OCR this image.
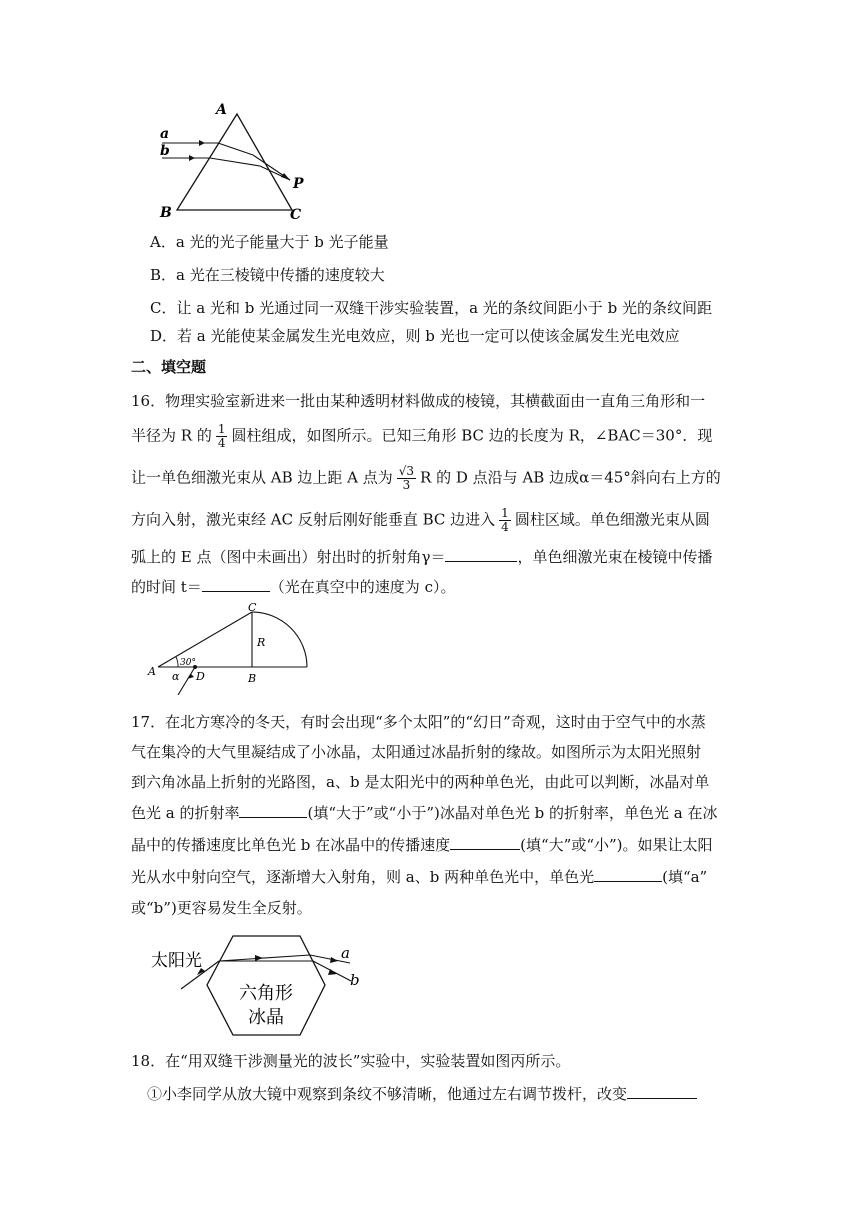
A
B	C
P
a
b
A．a 光的光子能量大于 b 光子能量
B．a 光在三棱镜中传播的速度较大
C．让 a 光和 b 光通过同一双缝干涉实验装置，a 光的条纹间距小于 b 光的条纹间距
D．若 a 光能使某金属发生光电效应，则 b 光也一定可以使该金属发生光电效应
二、填空题
16．物理实验室新进来一批由某种透明材料做成的棱镜，其横截面由一直角三角形和一
半径为 R 的 $\frac{1}{4}$ 圆柱组成，如图所示。已知三角形 BC 边的长度为 R，∠BAC＝30°．现
让一单色细激光束从 AB 边上距 A 点为 $\frac{√3}{3}$ R 的 D 点沿与 AB 边成α＝45°斜向右上方的
方向入射，激光束经 AC 反射后刚好能垂直 BC 边进入 $\frac{1}{4}$ 圆柱区域。单色细激光束从圆
弧上的 E 点（图中未画出）射出时的折射角γ＝	，单色细激光束在棱镜中传播
的时间 t＝	（光在真空中的速度为 c）。
C
R
A
B
D
α
30°
17．在北方寒冷的冬天，有时会出现“多个太阳”的“幻日”奇观，这时由于空气中的水蒸
气在集冷的大气里凝结成了小冰晶，太阳通过冰晶折射的缘故。如图所示为太阳光照射
到六角冰晶上折射的光路图，a、b 是太阳光中的两种单色光，由此可以判断，冰晶对单
色光 a 的折射率	(填“大于”或“小于”)冰晶对单色光 b 的折射率，单色光 a 在冰
晶中的传播速度比单色光 b 在冰晶中的传播速度	(填“大”或“小”)。如果让太阳
光从水中射向空气，逐渐增大入射角，则 a、b 两种单色光中，单色光	(填“a”
或“b”)更容易发生全反射。
太阳光
六角形
冰晶
a
b
18．在“用双缝干涉测量光的波长”实验中，实验装置如图丙所示。
①小李同学从放大镜中观察到条纹不够清晰，他通过左右调节拨杆，改变
